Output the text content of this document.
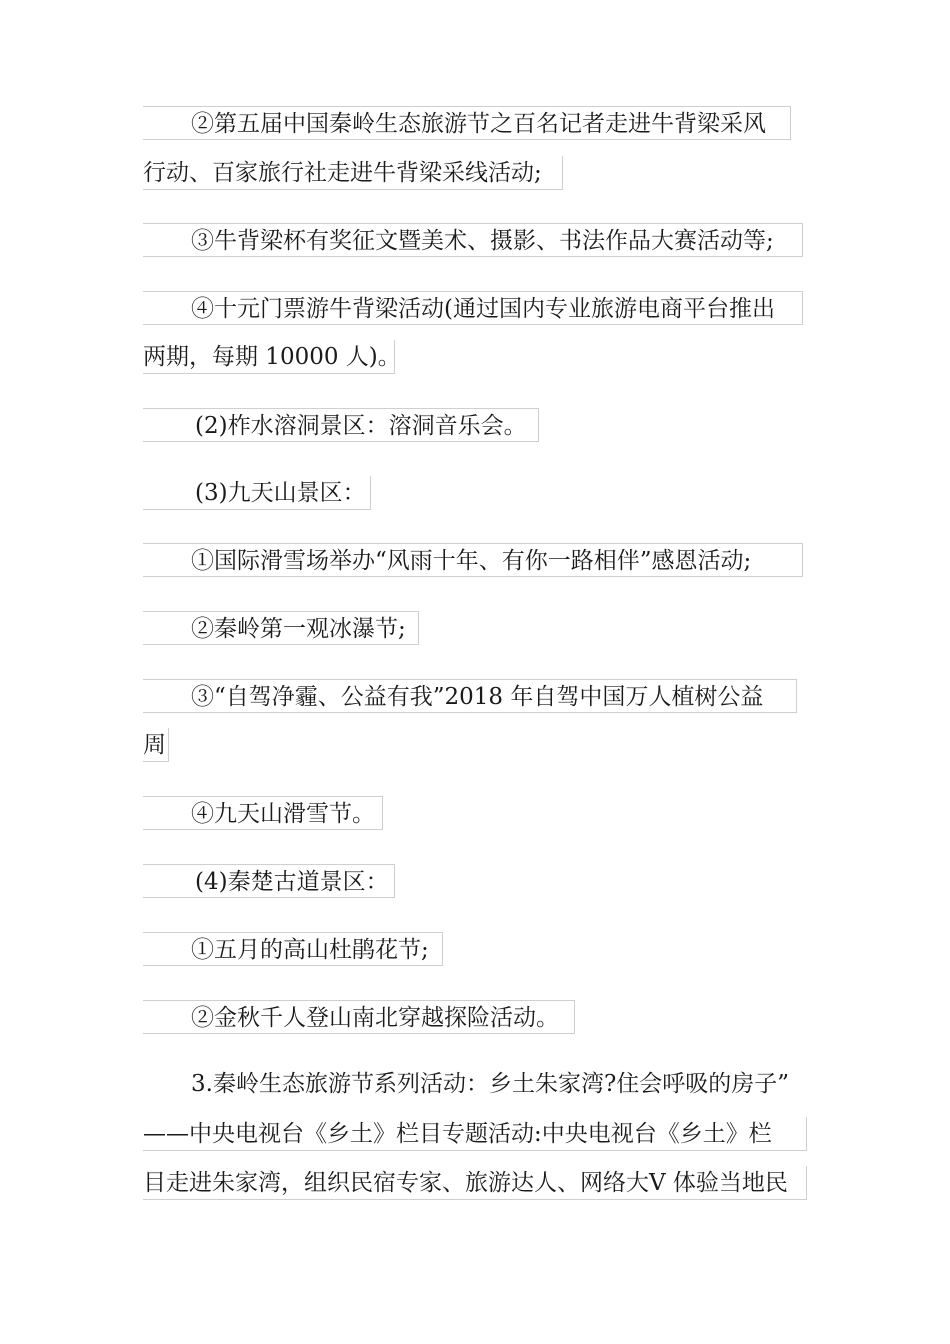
②第五届中国秦岭生态旅游节之百名记者走进牛背梁采风
行动、百家旅行社走进牛背梁采线活动;
③牛背梁杯有奖征文暨美术、摄影、书法作品大赛活动等;
④十元门票游牛背梁活动(通过国内专业旅游电商平台推出
两期，每期 10000 人)。
(2)柞水溶洞景区：溶洞音乐会。
(3)九天山景区：
①国际滑雪场举办“风雨十年、有你一路相伴”感恩活动;
②秦岭第一观冰瀑节;
③“自驾净霾、公益有我”2018 年自驾中国万人植树公益
周
④九天山滑雪节。
(4)秦楚古道景区：
①五月的高山杜鹃花节;
②金秋千人登山南北穿越探险活动。
3.秦岭生态旅游节系列活动：乡土朱家湾?住会呼吸的房子”
——中央电视台《乡土》栏目专题活动:中央电视台《乡土》栏
目走进朱家湾，组织民宿专家、旅游达人、网络大V 体验当地民
